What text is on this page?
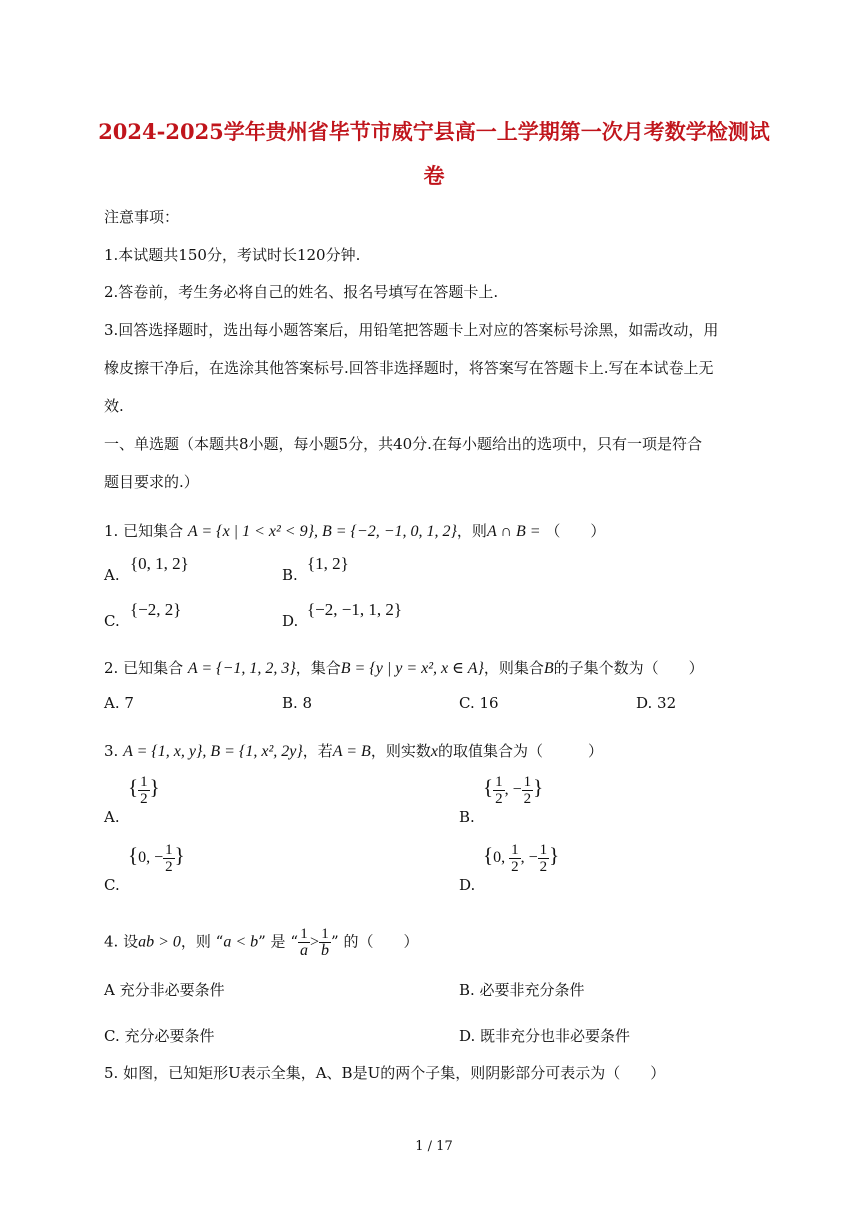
2024-2025学年贵州省毕节市威宁县高一上学期第一次月考数学检测试
卷
注意事项：
1.本试题共150分，考试时长120分钟.
2.答卷前，考生务必将自己的姓名、报名号填写在答题卡上.
3.回答选择题时，选出每小题答案后，用铅笔把答题卡上对应的答案标号涂黑，如需改动，用
橡皮擦干净后，在选涂其他答案标号.回答非选择题时，将答案写在答题卡上.写在本试卷上无
效.
一、单选题（本题共8小题，每小题5分，共40分.在每小题给出的选项中，只有一项是符合
题目要求的.）
1. 已知集合 A = {x | 1 < x² < 9}, B = {−2, −1, 0, 1, 2}，则A ∩ B = （　　）
A.
{0, 1, 2}
B.
{1, 2}
C.
{−2, 2}
D.
{−2, −1, 1, 2}
2. 已知集合 A = {−1, 1, 2, 3}，集合B = {y | y = x², x ∈ A}，则集合B的子集个数为（　　）
A. 7	B. 8	C. 16	D. 32
3. A = {1, x, y}, B = {1, x², 2y}，若A = B，则实数x的取值集合为（　　　）
A.
{ $\frac{1}{2}$ }
B.
{ $\frac{1}{2}$ , − $\frac{1}{2}$ }
C.
{0, − $\frac{1}{2}$ }
D.
{0, $\frac{1}{2}$ , − $\frac{1}{2}$ }
4. 设ab > 0，则 “a < b” 是 “ $\frac{1}{a} > \frac{1}{b}$ ” 的（　　）
A 充分非必要条件	B. 必要非充分条件
C. 充分必要条件	D. 既非充分也非必要条件
5. 如图，已知矩形U表示全集，A、B是U的两个子集，则阴影部分可表示为（　　）
1 / 17
